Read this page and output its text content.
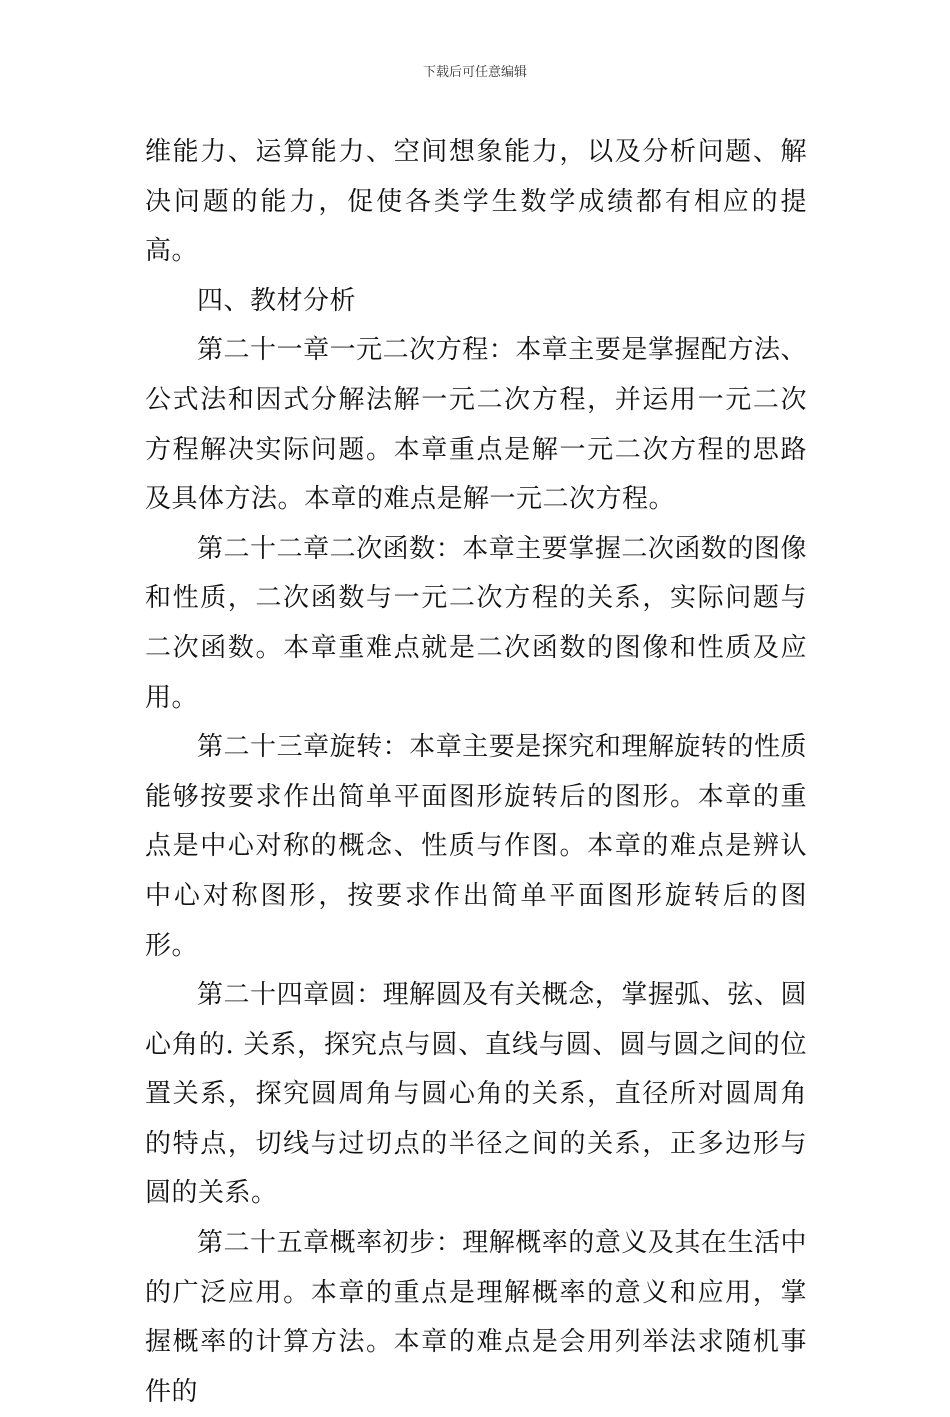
下载后可任意编辑

维能力、运算能力、空间想象能力，以及分析问题、解决问题的能力，促使各类学生数学成绩都有相应的提高。

四、教材分析

第二十一章一元二次方程：本章主要是掌握配方法、公式法和因式分解法解一元二次方程，并运用一元二次方程解决实际问题。本章重点是解一元二次方程的思路及具体方法。本章的难点是解一元二次方程。

第二十二章二次函数：本章主要掌握二次函数的图像和性质，二次函数与一元二次方程的关系，实际问题与二次函数。本章重难点就是二次函数的图像和性质及应用。

第二十三章旋转：本章主要是探究和理解旋转的性质能够按要求作出简单平面图形旋转后的图形。本章的重点是中心对称的概念、性质与作图。本章的难点是辨认中心对称图形，按要求作出简单平面图形旋转后的图形。

第二十四章圆：理解圆及有关概念，掌握弧、弦、圆心角的. 关系，探究点与圆、直线与圆、圆与圆之间的位置关系，探究圆周角与圆心角的关系，直径所对圆周角的特点，切线与过切点的半径之间的关系，正多边形与圆的关系。

第二十五章概率初步：理解概率的意义及其在生活中的广泛应用。本章的重点是理解概率的意义和应用，掌握概率的计算方法。本章的难点是会用列举法求随机事件的
